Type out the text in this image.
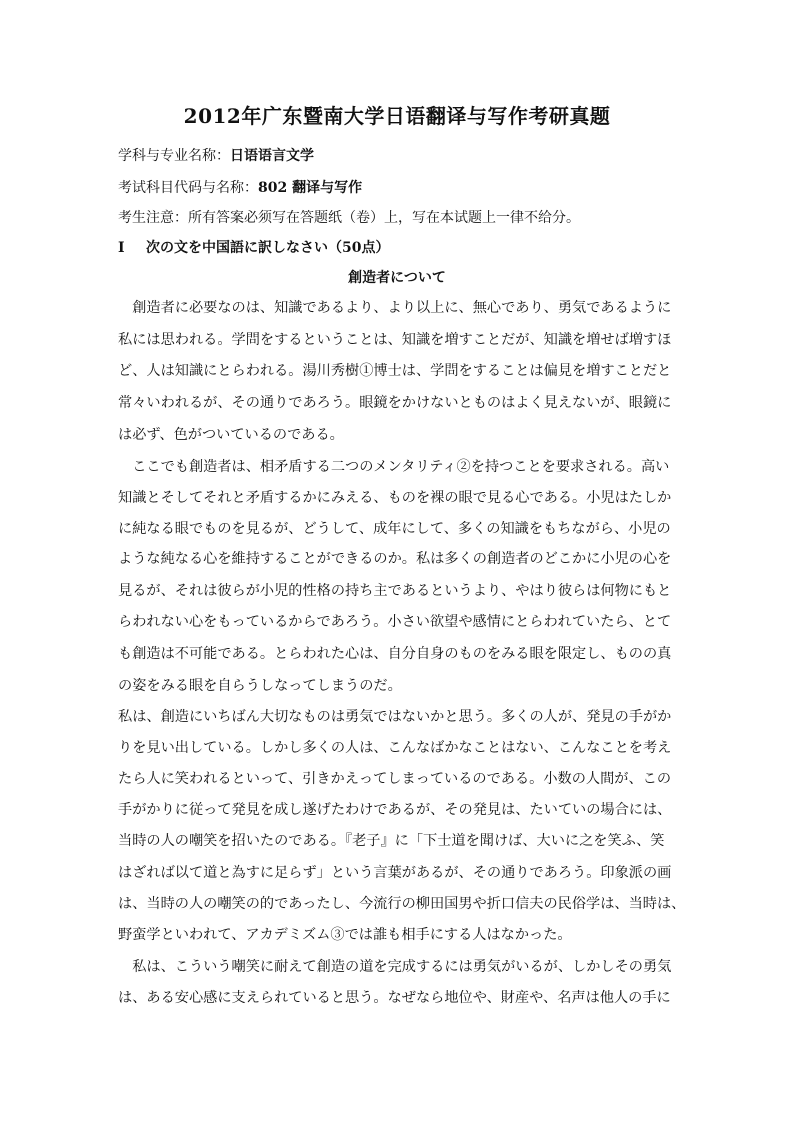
2012年广东暨南大学日语翻译与写作考研真题

学科与专业名称：日语语言文学

考试科目代码与名称：802 翻译与写作

考生注意：所有答案必须写在答题纸（卷）上，写在本试题上一律不给分。

Ⅰ 次の文を中国語に訳しなさい（50点）

創造者について

　創造者に必要なのは、知識であるより、より以上に、無心であり、勇気であるように

私には思われる。学問をするということは、知識を増すことだが、知識を増せば増すほ

ど、人は知識にとらわれる。湯川秀樹①博士は、学問をすることは偏見を増すことだと

常々いわれるが、その通りであろう。眼鏡をかけないとものはよく見えないが、眼鏡に

は必ず、色がついているのである。

　ここでも創造者は、相矛盾する二つのメンタリティ②を持つことを要求される。高い

知識とそしてそれと矛盾するかにみえる、ものを裸の眼で見る心である。小児はたしか

に純なる眼でものを見るが、どうして、成年にして、多くの知識をもちながら、小児の

ような純なる心を維持することができるのか。私は多くの創造者のどこかに小児の心を

見るが、それは彼らが小児的性格の持ち主であるというより、やはり彼らは何物にもと

らわれない心をもっているからであろう。小さい欲望や感情にとらわれていたら、とて

も創造は不可能である。とらわれた心は、自分自身のものをみる眼を限定し、ものの真

の姿をみる眼を自らうしなってしまうのだ。

私は、創造にいちばん大切なものは勇気ではないかと思う。多くの人が、発見の手がか

りを見い出している。しかし多くの人は、こんなばかなことはない、こんなことを考え

たら人に笑われるといって、引きかえってしまっているのである。小数の人間が、この

手がかりに従って発見を成し遂げたわけであるが、その発見は、たいていの場合には、

当時の人の嘲笑を招いたのである。『老子』に「下士道を聞けば、大いに之を笑ふ、笑

はざれば以て道と為すに足らず」という言葉があるが、その通りであろう。印象派の画

は、当時の人の嘲笑の的であったし、今流行の柳田国男や折口信夫の民俗学は、当時は、

野蛮学といわれて、アカデミズム③では誰も相手にする人はなかった。

　私は、こういう嘲笑に耐えて創造の道を完成するには勇気がいるが、しかしその勇気

は、ある安心感に支えられていると思う。なぜなら地位や、財産や、名声は他人の手に
